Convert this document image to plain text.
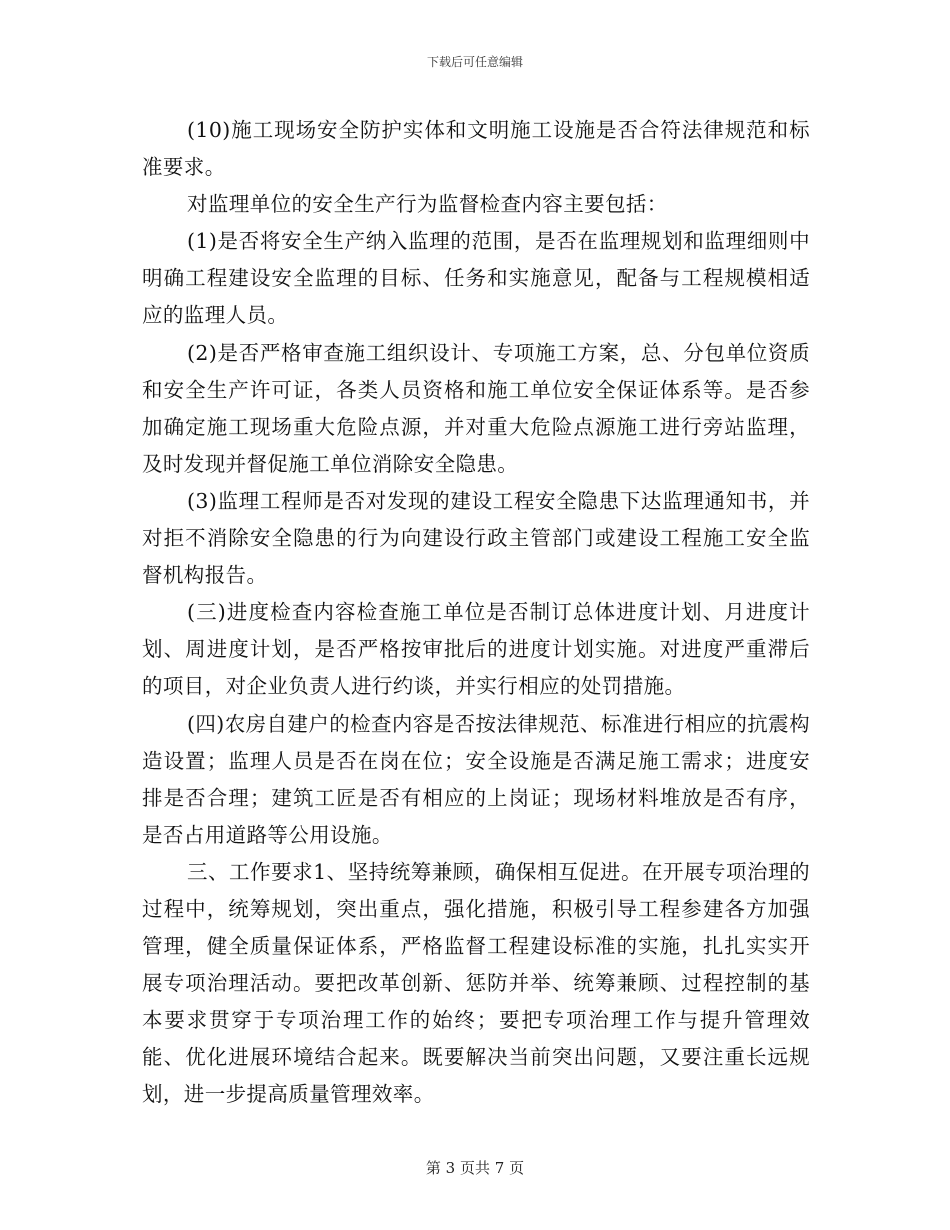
下载后可任意编辑

(10)施工现场安全防护实体和文明施工设施是否合符法律规范和标准要求。

对监理单位的安全生产行为监督检查内容主要包括：

(1)是否将安全生产纳入监理的范围，是否在监理规划和监理细则中明确工程建设安全监理的目标、任务和实施意见，配备与工程规模相适应的监理人员。

(2)是否严格审查施工组织设计、专项施工方案，总、分包单位资质和安全生产许可证，各类人员资格和施工单位安全保证体系等。是否参加确定施工现场重大危险点源，并对重大危险点源施工进行旁站监理，及时发现并督促施工单位消除安全隐患。

(3)监理工程师是否对发现的建设工程安全隐患下达监理通知书，并对拒不消除安全隐患的行为向建设行政主管部门或建设工程施工安全监督机构报告。

(三)进度检查内容检查施工单位是否制订总体进度计划、月进度计划、周进度计划，是否严格按审批后的进度计划实施。对进度严重滞后的项目，对企业负责人进行约谈，并实行相应的处罚措施。

(四)农房自建户的检查内容是否按法律规范、标准进行相应的抗震构造设置；监理人员是否在岗在位；安全设施是否满足施工需求；进度安排是否合理；建筑工匠是否有相应的上岗证；现场材料堆放是否有序，是否占用道路等公用设施。

三、工作要求1、坚持统筹兼顾，确保相互促进。在开展专项治理的过程中，统筹规划，突出重点，强化措施，积极引导工程参建各方加强管理，健全质量保证体系，严格监督工程建设标准的实施，扎扎实实开展专项治理活动。要把改革创新、惩防并举、统筹兼顾、过程控制的基本要求贯穿于专项治理工作的始终；要把专项治理工作与提升管理效能、优化进展环境结合起来。既要解决当前突出问题，又要注重长远规划，进一步提高质量管理效率。

第 3 页共 7 页
